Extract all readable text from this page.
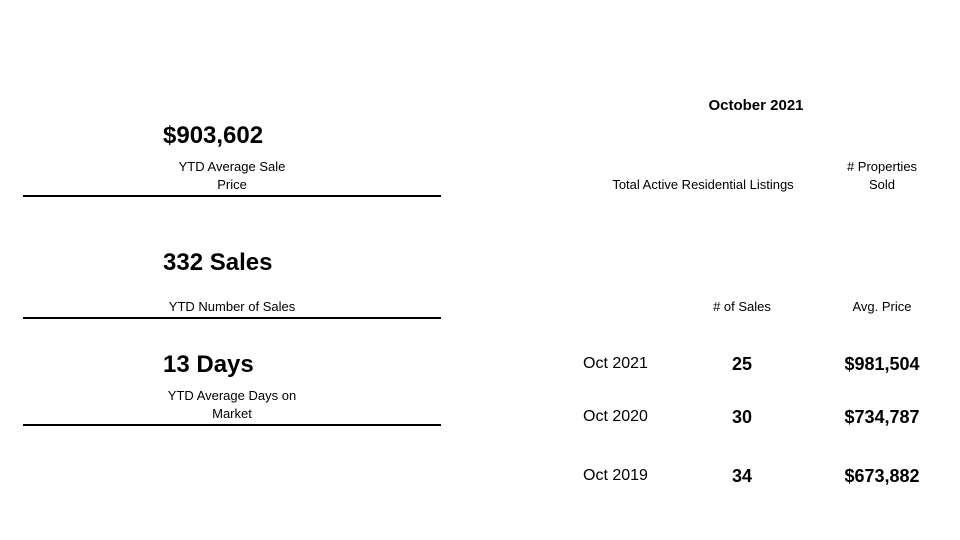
$903,602
YTD Average Sale
Price
332 Sales
YTD Number of Sales
13 Days
YTD Average Days on
Market
October 2021
Total Active Residential Listings
# Properties
Sold
# of Sales	Avg. Price
Oct 2021	25	$981,504
Oct 2020	30	$734,787
Oct 2019	34	$673,882
